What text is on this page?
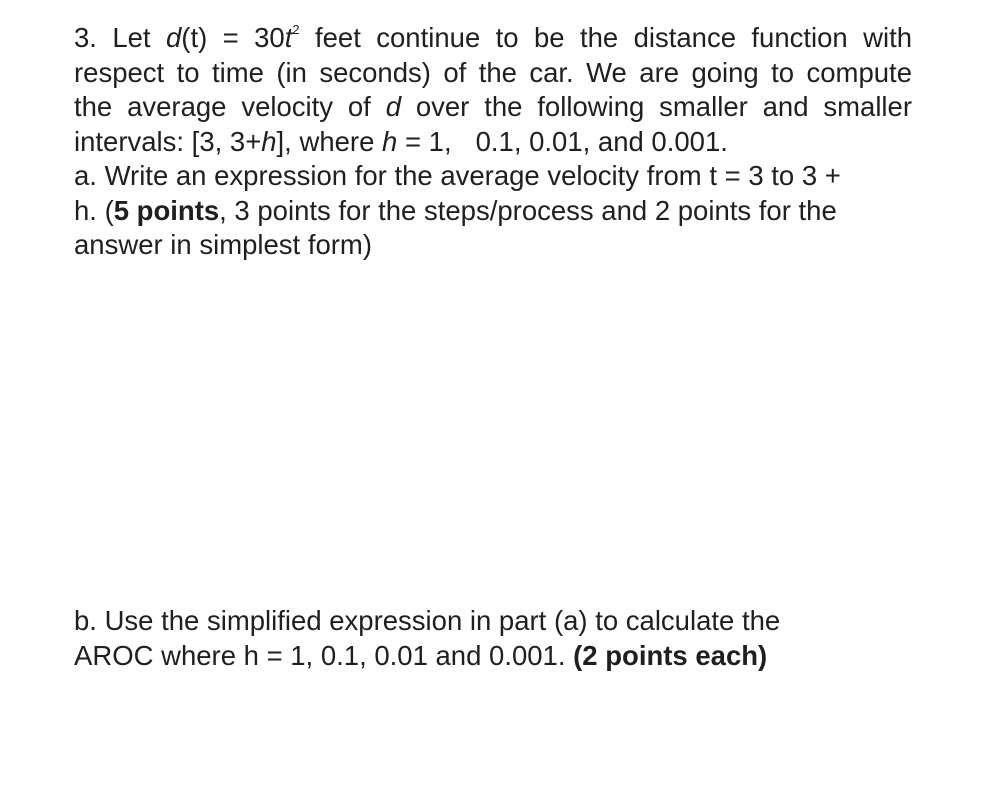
3. Let $d(t) = 30t^2$ feet continue to be the distance function with
respect to time (in seconds) of the car. We are going to compute
the average velocity of d over the following smaller and smaller
intervals: [3, 3+h], where h = 1, 0.1, 0.01, and 0.001.
a. Write an expression for the average velocity from t = 3 to 3 +
h. (5 points, 3 points for the steps/process and 2 points for the
answer in simplest form)
b. Use the simplified expression in part (a) to calculate the
AROC where h = 1, 0.1, 0.01 and 0.001. (2 points each)
